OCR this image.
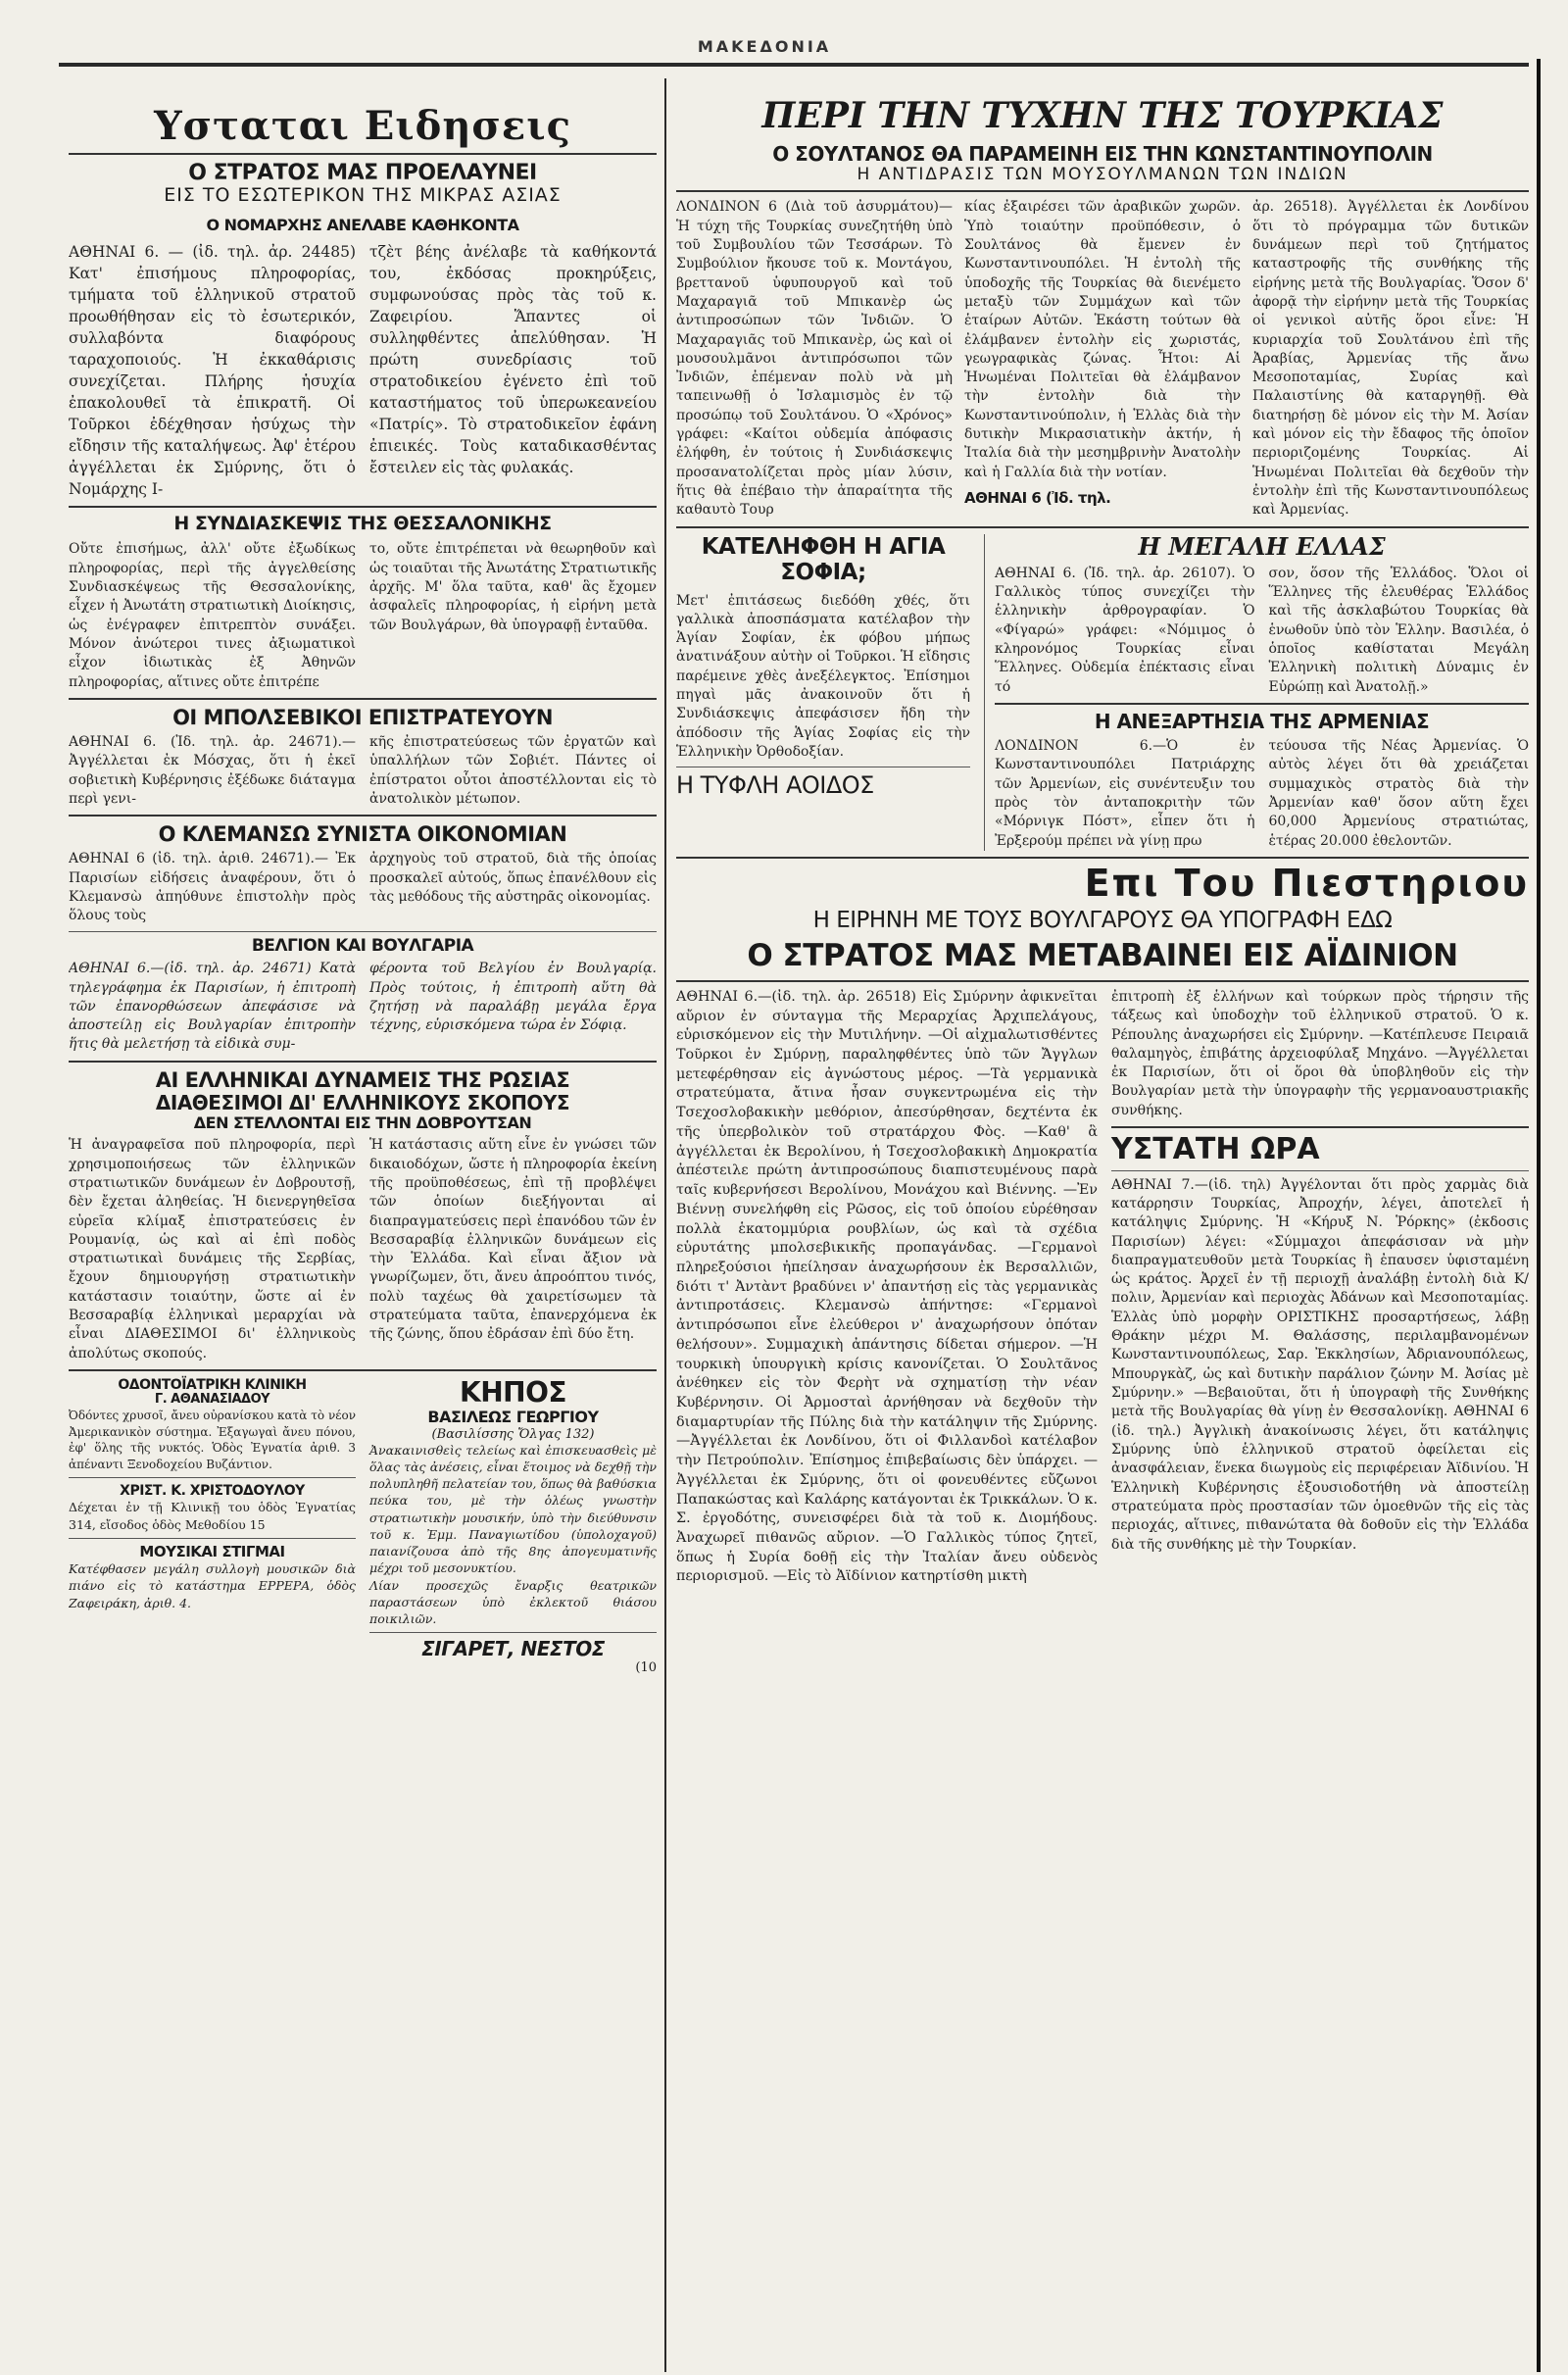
ΜΑΚΕΔΟΝΙΑ
Υσταται Ειδησεις
Ο ΣΤΡΑΤΟΣ ΜΑΣ ΠΡΟΕΛΑΥΝΕΙ
ΕΙΣ ΤΟ ΕΣΩΤΕΡΙΚΟΝ ΤΗΣ ΜΙΚΡΑΣ ΑΣΙΑΣ
Ο ΝΟΜΑΡΧΗΣ ΑΝΕΛΑΒΕ ΚΑΘΗΚΟΝΤΑ

ΑΘΗΝΑΙ 6. — (ἰδ. τηλ. ἀρ. 24485) Κατ' ἐπισήμους πληροφορίας, τμήματα τοῦ ἑλληνικοῦ στρατοῦ προωθήθησαν εἰς τὸ ἐσωτερικόν, συλλαβόντα διαφόρους ταραχοποιούς. Ἡ ἐκκαθάρισις συνεχίζεται. Πλήρης ἡσυχία ἐπακολουθεῖ τὰ ἐπικρατῆ. Οἱ Τοῦρκοι ἐδέχθησαν ἡσύχως τὴν εἴδησιν τῆς καταλήψεως. Ἀφ' ἑτέρου ἀγγέλλεται ἐκ Σμύρνης, ὅτι ὁ Νομάρχης Ι-

τζὲτ βέης ἀνέλαβε τὰ καθήκοντά του, ἐκδόσας προκηρύξεις, συμφωνούσας πρὸς τὰς τοῦ κ. Ζαφειρίου. Ἅπαντες οἱ συλληφθέντες ἀπελύθησαν. Ἡ πρώτη συνεδρίασις τοῦ στρατοδικείου ἐγένετο ἐπὶ τοῦ καταστήματος τοῦ ὑπερωκεανείου «Πατρίς». Τὸ στρατοδικεῖον ἐφάνη ἐπιεικές. Τοὺς καταδικασθέντας ἔστειλεν εἰς τὰς φυλακάς.

Η ΣΥΝΔΙΑΣΚΕΨΙΣ ΤΗΣ ΘΕΣΣΑΛΟΝΙΚΗΣ

Οὔτε ἐπισήμως, ἀλλ' οὔτε ἐξωδίκως πληροφορίας, περὶ τῆς ἀγγελθείσης Συνδιασκέψεως τῆς Θεσσαλονίκης, εἶχεν ἡ Ἀνωτάτη στρατιωτικὴ Διοίκησις, ὡς ἐνέγραφεν ἐπιτρεπτὸν συνάξει. Μόνον ἀνώτεροι τινες ἀξιωματικοὶ εἶχον ἰδιωτικὰς ἐξ Ἀθηνῶν πληροφορίας, αἵτινες οὔτε ἐπιτρέπε

το, οὔτε ἐπιτρέπεται νὰ θεωρηθοῦν καὶ ὡς τοιαῦται τῆς Ἀνωτάτης Στρατιωτικῆς ἀρχῆς. Μ' ὅλα ταῦτα, καθ' ἃς ἔχομεν ἀσφαλεῖς πληροφορίας, ἡ εἰρήνη μετὰ τῶν Βουλγάρων, θὰ ὑπογραφῇ ἐνταῦθα.

ΟΙ ΜΠΟΛΣΕΒΙΚΟΙ ΕΠΙΣΤΡΑΤΕΥΟΥΝ

ΑΘΗΝΑΙ 6. (Ἰδ. τηλ. ἀρ. 24671).— Ἀγγέλλεται ἐκ Μόσχας, ὅτι ἡ ἐκεῖ σοβιετικὴ Κυβέρνησις ἐξέδωκε διάταγμα περὶ γενι-

κῆς ἐπιστρατεύσεως τῶν ἐργατῶν καὶ ὑπαλλήλων τῶν Σοβιέτ. Πάντες οἱ ἐπίστρατοι οὗτοι ἀποστέλλονται εἰς τὸ ἀνατολικὸν μέτωπον.

Ο ΚΛΕΜΑΝΣΩ ΣΥΝΙΣΤΑ ΟΙΚΟΝΟΜΙΑΝ

ΑΘΗΝΑΙ 6 (ἰδ. τηλ. ἀριθ. 24671).— Ἐκ Παρισίων εἰδήσεις ἀναφέρουν, ὅτι ὁ Κλεμανσὼ ἀπηύθυνε ἐπιστολὴν πρὸς ὅλους τοὺς

ἀρχηγοὺς τοῦ στρατοῦ, διὰ τῆς ὁποίας προσκαλεῖ αὐτούς, ὅπως ἐπανέλθουν εἰς τὰς μεθόδους τῆς αὐστηρᾶς οἰκονομίας.

ΒΕΛΓΙΟΝ ΚΑΙ ΒΟΥΛΓΑΡΙΑ

ΑΘΗΝΑΙ 6.—(ἰδ. τηλ. ἀρ. 24671) Κατὰ τηλεγράφημα ἐκ Παρισίων, ἡ ἐπιτροπὴ τῶν ἐπανορθώσεων ἀπεφάσισε νὰ ἀποστείλῃ εἰς Βουλγαρίαν ἐπιτροπὴν ἥτις θὰ μελετήσῃ τὰ εἰδικὰ συμ-

φέροντα τοῦ Βελγίου ἐν Βουλγαρίᾳ. Πρὸς τούτοις, ἡ ἐπιτροπὴ αὕτη θὰ ζητήσῃ νὰ παραλάβῃ μεγάλα ἔργα τέχνης, εὑρισκόμενα τώρα ἐν Σόφιᾳ.

ΑΙ ΕΛΛΗΝΙΚΑΙ ΔΥΝΑΜΕΙΣ ΤΗΣ ΡΩΣΙΑΣ
ΔΙΑΘΕΣΙΜΟΙ ΔΙ' ΕΛΛΗΝΙΚΟΥΣ ΣΚΟΠΟΥΣ
ΔΕΝ ΣΤΕΛΛΟΝΤΑΙ ΕΙΣ ΤΗΝ ΔΟΒΡΟΥΤΣΑΝ

Ἡ ἀναγραφεῖσα ποῦ πληροφορία, περὶ χρησιμοποιήσεως τῶν ἑλληνικῶν στρατιωτικῶν δυνάμεων ἐν Δοβρουτσῇ, δὲν ἔχεται ἀληθείας. Ἡ διενεργηθεῖσα εὐρεῖα κλίμαξ ἐπιστρατεύσεις ἐν Ρουμανίᾳ, ὡς καὶ αἱ ἐπὶ ποδὸς στρατιωτικαὶ δυνάμεις τῆς Σερβίας, ἔχουν δημιουργήσῃ στρατιωτικὴν κατάστασιν τοιαύτην, ὥστε αἱ ἐν Βεσσαραβίᾳ ἑλληνικαὶ μεραρχίαι νὰ εἶναι ΔΙΑΘΕΣΙΜΟΙ δι' ἑλληνικοὺς ἀπολύτως σκοπούς.

Ἡ κατάστασις αὕτη εἶνε ἐν γνώσει τῶν δικαιοδόχων, ὥστε ἡ πληροφορία ἐκείνη τῆς προϋποθέσεως, ἐπὶ τῇ προβλέψει τῶν ὁποίων διεξήγονται αἱ διαπραγματεύσεις περὶ ἐπανόδου τῶν ἐν Βεσσαραβίᾳ ἑλληνικῶν δυνάμεων εἰς τὴν Ἑλλάδα. Καὶ εἶναι ἄξιον νὰ γνωρίζωμεν, ὅτι, ἄνευ ἀπροόπτου τινός, πολὺ ταχέως θὰ χαιρετίσωμεν τὰ στρατεύματα ταῦτα, ἐπανερχόμενα ἐκ τῆς ζώνης, ὅπου ἐδράσαν ἐπὶ δύο ἔτη.

ΟΔΟΝΤΟΪΑΤΡΙΚΗ ΚΛΙΝΙΚΗ
Γ. ΑΘΑΝΑΣΙΑΔΟΥ

Ὀδόντες χρυσοῖ, ἄνευ οὐρανίσκου κατὰ τὸ νέον Ἀμερικανικὸν σύστημα. Ἐξαγωγαὶ ἄνευ πόνου, ἐφ' ὅλης τῆς νυκτός. Ὁδὸς Ἐγνατία ἀριθ. 3 ἀπέναντι Ξενοδοχείου Βυζάντιον.

ΧΡΙΣΤ. Κ. ΧΡΙΣΤΟΔΟΥΛΟΥ

Δέχεται ἐν τῇ Κλινικῇ του ὁδὸς Ἐγνατίας 314, εἴσοδος ὁδὸς Μεθοδίου 15

ΜΟΥΣΙΚΑΙ ΣΤΙΓΜΑΙ

Κατέφθασεν μεγάλη συλλογὴ μουσικῶν διὰ πιάνο εἰς τὸ κατάστημα ΕΡΡΕΡΑ, ὁδὸς Ζαφειράκη, ἀριθ. 4.

ΚΗΠΟΣ
ΒΑΣΙΛΕΩΣ ΓΕΩΡΓΙΟΥ
(Βασιλίσσης Ὄλγας 132)

Ἀνακαινισθεὶς τελείως καὶ ἐπισκευασθεὶς μὲ ὅλας τὰς ἀνέσεις, εἶναι ἕτοιμος νὰ δεχθῇ τὴν πολυπληθῆ πελατείαν του, ὅπως θὰ βαθύσκια πεύκα του, μὲ τὴν ὁλέως γνωστὴν στρατιωτικὴν μουσικήν, ὑπὸ τὴν διεύθυνσιν τοῦ κ. Ἐμμ. Παναγιωτίδου (ὑπολοχαγοῦ) παιανίζουσα ἀπὸ τῆς 8ης ἀπογευματινῆς μέχρι τοῦ μεσονυκτίου.

Λίαν προσεχῶς ἔναρξις θεατρικῶν παραστάσεων ὑπὸ ἐκλεκτοῦ θιάσου ποικιλιῶν.

ΣΙΓΑΡΕΤ, ΝΕΣΤΟΣ
(10
ΠΕΡΙ ΤΗΝ ΤΥΧΗΝ ΤΗΣ ΤΟΥΡΚΙΑΣ
Ο ΣΟΥΛΤΑΝΟΣ ΘΑ ΠΑΡΑΜΕΙΝΗ ΕΙΣ ΤΗΝ ΚΩΝΣΤΑΝΤΙΝΟΥΠΟΛΙΝ
Η ΑΝΤΙΔΡΑΣΙΣ ΤΩΝ ΜΟΥΣΟΥΛΜΑΝΩΝ ΤΩΝ ΙΝΔΙΩΝ

ΛΟΝΔΙΝΟΝ 6 (Διὰ τοῦ ἀσυρμάτου)— Ἡ τύχη τῆς Τουρκίας συνεζητήθη ὑπὸ τοῦ Συμβουλίου τῶν Τεσσάρων. Τὸ Συμβούλιον ἤκουσε τοῦ κ. Μοντάγου, βρεττανοῦ ὑφυπουργοῦ καὶ τοῦ Μαχαραγιᾶ τοῦ Μπικανὲρ ὡς ἀντιπροσώπων τῶν Ἰνδιῶν. Ὁ Μαχαραγιᾶς τοῦ Μπικανὲρ, ὡς καὶ οἱ μουσουλμᾶνοι ἀντιπρόσωποι τῶν Ἰνδιῶν, ἐπέμεναν πολὺ νὰ μὴ ταπεινωθῇ ὁ Ἰσλαμισμὸς ἐν τῷ προσώπῳ τοῦ Σουλτάνου. Ὁ «Χρόνος» γράφει: «Καίτοι οὐδεμία ἀπόφασις ἐλήφθη, ἐν τούτοις ἡ Συνδιάσκεψις προσανατολίζεται πρὸς μίαν λύσιν, ἥτις θὰ ἐπέβαιο τὴν ἀπαραίτητα τῆς καθαυτὸ Τουρ

κίας ἐξαιρέσει τῶν ἀραβικῶν χωρῶν. Ὑπὸ τοιαύτην προϋπόθεσιν, ὁ Σουλτάνος θὰ ἔμενεν ἐν Κωνσταντινουπόλει. Ἡ ἐντολὴ τῆς ὑποδοχῆς τῆς Τουρκίας θὰ διενέμετο μεταξὺ τῶν Συμμάχων καὶ τῶν ἑταίρων Αὐτῶν. Ἑκάστη τούτων θὰ ἐλάμβανεν ἐντολὴν εἰς χωριστάς, γεωγραφικὰς ζώνας. Ἧτοι: Αἱ Ἡνωμέναι Πολιτεῖαι θὰ ἐλάμβανον τὴν ἐντολὴν διὰ τὴν Κωνσταντινούπολιν, ἡ Ἑλλὰς διὰ τὴν δυτικὴν Μικρασιατικὴν ἀκτήν, ἡ Ἰταλία διὰ τὴν μεσημβρινὴν Ἀνατολὴν καὶ ἡ Γαλλία διὰ τὴν νοτίαν.

ΑΘΗΝΑΙ 6 (Ἰδ. τηλ.

ἀρ. 26518). Ἀγγέλλεται ἐκ Λονδίνου ὅτι τὸ πρόγραμμα τῶν δυτικῶν δυνάμεων περὶ τοῦ ζητήματος καταστροφῆς τῆς συνθήκης τῆς εἰρήνης μετὰ τῆς Βουλγαρίας. Ὅσον δ' ἀφορᾷ τὴν εἰρήνην μετὰ τῆς Τουρκίας οἱ γενικοὶ αὐτῆς ὅροι εἶνε: Ἡ κυριαρχία τοῦ Σουλτάνου ἐπὶ τῆς Ἀραβίας, Ἀρμενίας τῆς ἄνω Μεσοποταμίας, Συρίας καὶ Παλαιστίνης θὰ καταργηθῇ. Θὰ διατηρήσῃ δὲ μόνον εἰς τὴν Μ. Ἀσίαν καὶ μόνον εἰς τὴν ἔδαφος τῆς ὁποῖον περιοριζομένης Τουρκίας. Αἱ Ἡνωμέναι Πολιτεῖαι θὰ δεχθοῦν τὴν ἐντολὴν ἐπὶ τῆς Κωνσταντινουπόλεως καὶ Ἀρμενίας.

ΚΑΤΕΛΗΦΘΗ Η ΑΓΙΑ ΣΟΦΙΑ;

Μετ' ἐπιτάσεως διεδόθη χθές, ὅτι γαλλικὰ ἀποσπάσματα κατέλαβον τὴν Ἁγίαν Σοφίαν, ἐκ φόβου μήπως ἀνατινάξουν αὐτὴν οἱ Τοῦρκοι. Ἡ εἴδησις παρέμεινε χθὲς ἀνεξέλεγκτος. Ἐπίσημοι πηγαὶ μᾶς ἀνακοινοῦν ὅτι ἡ Συνδιάσκεψις ἀπεφάσισεν ἤδη τὴν ἀπόδοσιν τῆς Ἁγίας Σοφίας εἰς τὴν Ἑλληνικὴν Ὀρθοδοξίαν.

Η ΤΥΦΛΗ ΑΟΙΔΟΣ
Η ΜΕΓΑΛΗ ΕΛΛΑΣ

ΑΘΗΝΑΙ 6. (Ἰδ. τηλ. ἀρ. 26107). Ὁ Γαλλικὸς τύπος συνεχίζει τὴν ἑλληνικὴν ἀρθρογραφίαν. Ὁ «Φίγαρώ» γράφει: «Νόμιμος ὁ κληρονόμος Τουρκίας εἶναι Ἕλληνες. Οὐδεμία ἐπέκτασις εἶναι τό

σον, ὅσον τῆς Ἑλλάδος. Ὅλοι οἱ Ἕλληνες τῆς ἐλευθέρας Ἑλλάδος καὶ τῆς ἀσκλαβώτου Τουρκίας θὰ ἑνωθοῦν ὑπὸ τὸν Ἑλλην. Βασιλέα, ὁ ὁποῖος καθίσταται Μεγάλη Ἑλληνικὴ πολιτικὴ Δύναμις ἐν Εὐρώπῃ καὶ Ἀνατολῇ.»

Η ΑΝΕΞΑΡΤΗΣΙΑ ΤΗΣ ΑΡΜΕΝΙΑΣ

ΛΟΝΔΙΝΟΝ 6.—Ὁ ἐν Κωνσταντινουπόλει Πατριάρχης τῶν Ἀρμενίων, εἰς συνέντευξιν του πρὸς τὸν ἀνταποκριτὴν τῶν «Μόρνιγκ Πόστ», εἶπεν ὅτι ἡ Ἐρξερούμ πρέπει νὰ γίνῃ πρω

τεύουσα τῆς Νέας Ἀρμενίας. Ὁ αὐτὸς λέγει ὅτι θὰ χρειάζεται συμμαχικὸς στρατὸς διὰ τὴν Ἀρμενίαν καθ' ὅσον αὕτη ἔχει 60,000 Ἀρμενίους στρατιώτας, ἑτέρας 20.000 ἐθελοντῶν.

Επι Του Πιεστηριου
Η ΕΙΡΗΝΗ ΜΕ ΤΟΥΣ ΒΟΥΛΓΑΡΟΥΣ ΘΑ ΥΠΟΓΡΑΦΗ ΕΔΩ
Ο ΣΤΡΑΤΟΣ ΜΑΣ ΜΕΤΑΒΑΙΝΕΙ ΕΙΣ ΑΪΔΙΝΙΟΝ

ΑΘΗΝΑΙ 6.—(ἰδ. τηλ. ἀρ. 26518) Εἰς Σμύρνην ἀφικνεῖται αὔριον ἐν σύνταγμα τῆς Μεραρχίας Ἀρχιπελάγους, εὑρισκόμενον εἰς τὴν Μυτιλήνην. —Οἱ αἰχμαλωτισθέντες Τοῦρκοι ἐν Σμύρνῃ, παραληφθέντες ὑπὸ τῶν Ἄγγλων μετεφέρθησαν εἰς ἀγνώστους μέρος. —Τὰ γερμανικὰ στρατεύματα, ἄτινα ἦσαν συγκεντρωμένα εἰς τὴν Τσεχοσλοβακικὴν μεθόριον, ἀπεσύρθησαν, δεχτέντα ἐκ τῆς ὑπερβολικὸν τοῦ στρατάρχου Φὸς. —Καθ' ἃ ἀγγέλλεται ἐκ Βερολίνου, ἡ Τσεχοσλοβακικὴ Δημοκρατία ἀπέστειλε πρώτη ἀντιπροσώπους διαπιστευμένους παρὰ ταῖς κυβερνήσεσι Βερολίνου, Μονάχου καὶ Βιέννης. —Ἐν Βιέννῃ συνελήφθη εἰς Ρῶσος, εἰς τοῦ ὁποίου εὑρέθησαν πολλὰ ἑκατομμύρια ρουβλίων, ὡς καὶ τὰ σχέδια εὑρυτάτης μπολσεβικικῆς προπαγάνδας. —Γερμανοὶ πληρεξούσιοι ἠπείλησαν ἀναχωρήσουν ἐκ Βερσαλλιῶν, διότι τ' Ἀντὰντ βραδύνει ν' ἀπαντήσῃ εἰς τὰς γερμανικὰς ἀντιπροτάσεις. Κλεμανσὼ ἀπήντησε: «Γερμανοὶ ἀντιπρόσωποι εἶνε ἐλεύθεροι ν' ἀναχωρήσουν ὁπόταν θελήσουν». Συμμαχικὴ ἀπάντησις δίδεται σήμερον. —Ἡ τουρκικὴ ὑπουργικὴ κρίσις κανονίζεται. Ὁ Σουλτᾶνος ἀνέθηκεν εἰς τὸν Φερὴτ νὰ σχηματίσῃ τὴν νέαν Κυβέρνησιν. Οἱ Ἀρμοσταὶ ἀρνήθησαν νὰ δεχθοῦν τὴν διαμαρτυρίαν τῆς Πύλης διὰ τὴν κατάληψιν τῆς Σμύρνης. —Ἀγγέλλεται ἐκ Λονδίνου, ὅτι οἱ Φιλλανδοὶ κατέλαβον τὴν Πετρούπολιν. Ἐπίσημος ἐπιβεβαίωσις δὲν ὑπάρχει. —Ἀγγέλλεται ἐκ Σμύρνης, ὅτι οἱ φονευθέντες εὔζωνοι Παπακώστας καὶ Καλάρης κατάγονται ἐκ Τρικκάλων. Ὁ κ. Σ. ἐργοδότης, συνεισφέρει διὰ τὰ τοῦ κ. Διομήδους. Ἀναχωρεῖ πιθανῶς αὔριον. —Ὁ Γαλλικὸς τύπος ζητεῖ, ὅπως ἡ Συρία δοθῇ εἰς τὴν Ἰταλίαν ἄνευ οὐδενὸς περιορισμοῦ. —Εἰς τὸ Ἀϊδίνιον κατηρτίσθη μικτὴ

ἐπιτροπὴ ἐξ ἑλλήνων καὶ τούρκων πρὸς τήρησιν τῆς τάξεως καὶ ὑποδοχὴν τοῦ ἑλληνικοῦ στρατοῦ. Ὁ κ. Ρέπουλης ἀναχωρήσει εἰς Σμύρνην. —Κατέπλευσε Πειραιᾶ θαλαμηγὸς, ἐπιβάτης ἀρχειοφύλαξ Μηχάνο. —Ἀγγέλλεται ἐκ Παρισίων, ὅτι οἱ ὅροι θὰ ὑποβληθοῦν εἰς τὴν Βουλγαρίαν μετὰ τὴν ὑπογραφὴν τῆς γερμανοαυστριακῆς συνθήκης.

ΥΣΤΑΤΗ ΩΡΑ

ΑΘΗΝΑΙ 7.—(ἰδ. τηλ) Ἀγγέλονται ὅτι πρὸς χαρμὰς διὰ κατάρρησιν Τουρκίας, Ἀπροχήν, λέγει, ἀποτελεῖ ἡ κατάληψις Σμύρνης. Ἡ «Κήρυξ Ν. Ῥόρκης» (ἐκδοσις Παρισίων) λέγει: «Σύμμαχοι ἀπεφάσισαν νὰ μὴν διαπραγματευθοῦν μετὰ Τουρκίας ἢ ἐπαυσεν ὑφισταμένη ὡς κράτος. Ἀρχεῖ ἐν τῇ περιοχῇ ἀναλάβῃ ἐντολὴ διὰ Κ/πολιν, Ἀρμενίαν καὶ περιοχὰς Ἀδάνων καὶ Μεσοποταμίας. Ἑλλὰς ὑπὸ μορφὴν ΟΡΙΣΤΙΚΗΣ προσαρτήσεως, λάβῃ Θράκην μέχρι Μ. Θαλάσσης, περιλαμβανομένων Κωνσταντινουπόλεως, Σαρ. Ἐκκλησίων, Ἀδριανουπόλεως, Μπουργκὰζ, ὡς καὶ δυτικὴν παράλιον ζώνην Μ. Ἀσίας μὲ Σμύρνην.» —Βεβαιοῦται, ὅτι ἡ ὑπογραφὴ τῆς Συνθήκης μετὰ τῆς Βουλγαρίας θὰ γίνῃ ἐν Θεσσαλονίκῃ. ΑΘΗΝΑΙ 6 (ἰδ. τηλ.) Ἀγγλικὴ ἀνακοίνωσις λέγει, ὅτι κατάληψις Σμύρνης ὑπὸ ἑλληνικοῦ στρατοῦ ὀφείλεται εἰς ἀνασφάλειαν, ἕνεκα διωγμοὺς εἰς περιφέρειαν Ἀϊδινίου. Ἡ Ἑλληνικὴ Κυβέρνησις ἐξουσιοδοτήθη νὰ ἀποστείλῃ στρατεύματα πρὸς προστασίαν τῶν ὁμοεθνῶν τῆς εἰς τὰς περιοχάς, αἵτινες, πιθανώτατα θὰ δοθοῦν εἰς τὴν Ἑλλάδα διὰ τῆς συνθήκης μὲ τὴν Τουρκίαν.
